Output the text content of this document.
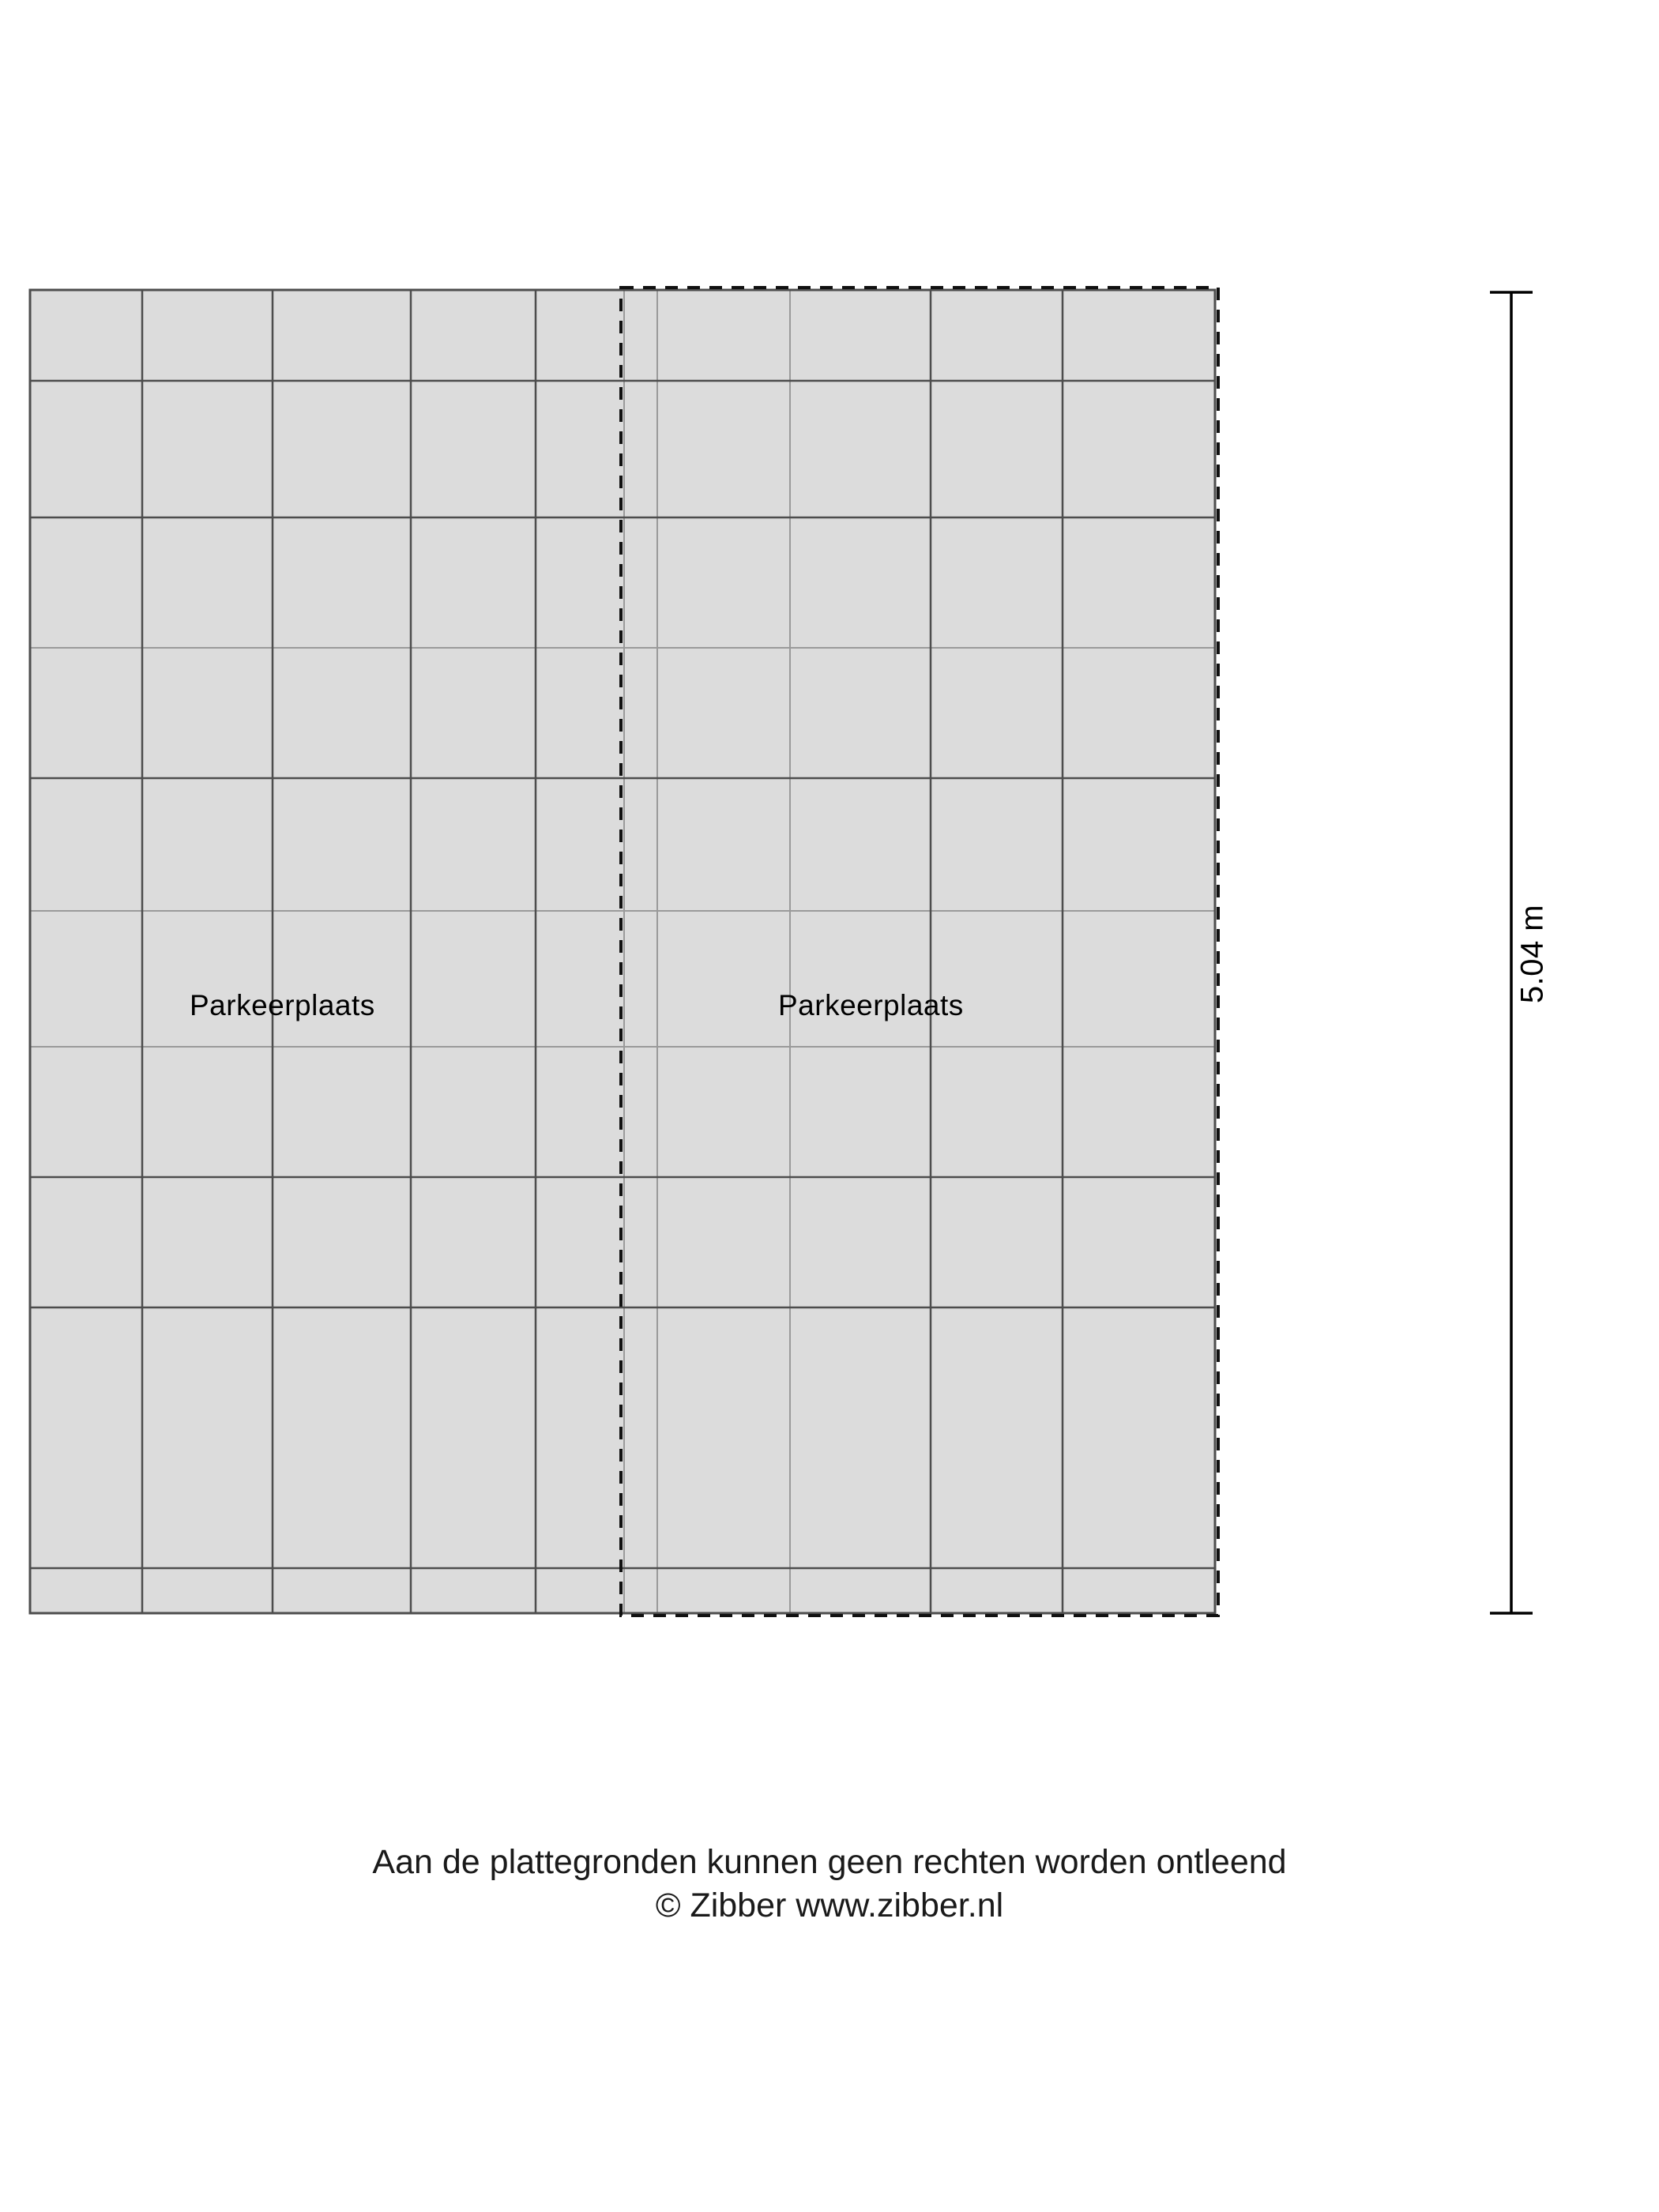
Parkeerplaats	Parkeerplaats
5.04 m
Aan de plattegronden kunnen geen rechten worden ontleend
© Zibber www.zibber.nl
